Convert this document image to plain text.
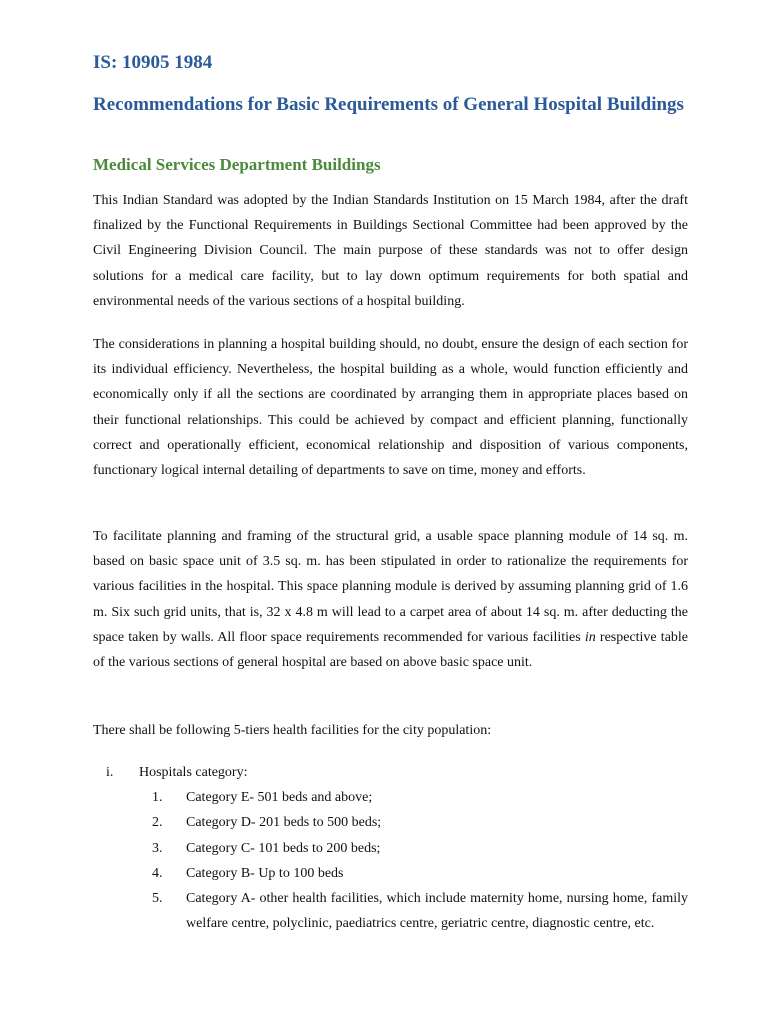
IS: 10905 1984
Recommendations for Basic Requirements of General Hospital Buildings
Medical Services Department Buildings

This Indian Standard was adopted by the Indian Standards Institution on 15 March 1984, after the draft finalized by the Functional Requirements in Buildings Sectional Committee had been approved by the Civil Engineering Division Council. The main purpose of these standards was not to offer design solutions for a medical care facility, but to lay down optimum requirements for both spatial and environmental needs of the various sections of a hospital building.

The considerations in planning a hospital building should, no doubt, ensure the design of each section for its individual efficiency. Nevertheless, the hospital building as a whole, would function efficiently and economically only if all the sections are coordinated by arranging them in appropriate places based on their functional relationships. This could be achieved by compact and efficient planning, functionally correct and operationally efficient, economical relationship and disposition of various components, functionary logical internal detailing of departments to save on time, money and efforts.

To facilitate planning and framing of the structural grid, a usable space planning module of 14 sq. m. based on basic space unit of 3.5 sq. m. has been stipulated in order to rationalize the requirements for various facilities in the hospital. This space planning module is derived by assuming planning grid of 1.6 m. Six such grid units, that is, 32 x 4.8 m will lead to a carpet area of about 14 sq. m. after deducting the space taken by walls. All floor space requirements recommended for various facilities in respective table of the various sections of general hospital are based on above basic space unit.

There shall be following 5-tiers health facilities for the city population:

i.	Hospitals category:
1.	Category E- 501 beds and above;
2.	Category D- 201 beds to 500 beds;
3.	Category C- 101 beds to 200 beds;
4.	Category B- Up to 100 beds
5.	Category A- other health facilities, which include maternity home, nursing home, family welfare centre, polyclinic, paediatrics centre, geriatric centre, diagnostic centre, etc.
